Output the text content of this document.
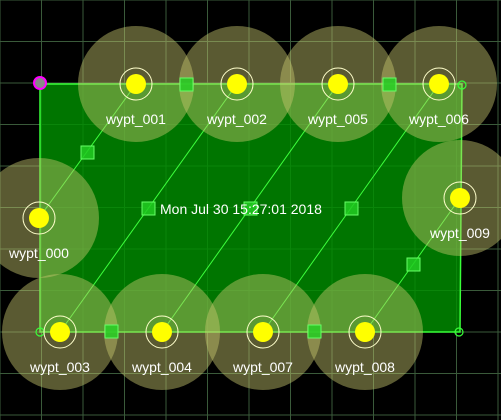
Mon Jul 30 15:27:01 2018
wypt_000
wypt_001	wypt_002	wypt_005	wypt_006
wypt_009
wypt_003	wypt_004	wypt_007	wypt_008
